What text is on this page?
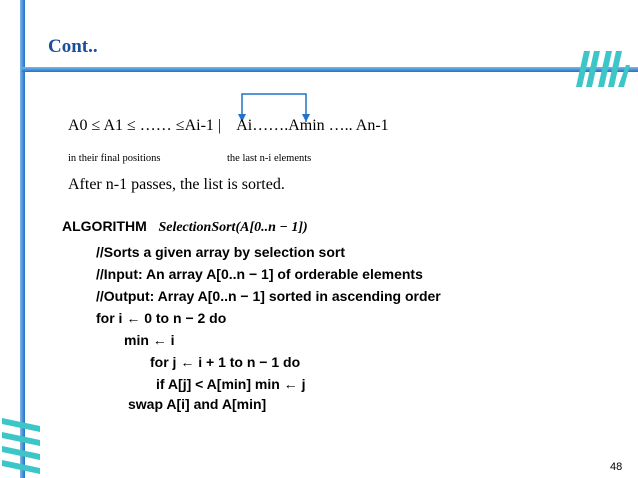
Cont..
A0 ≤ A1 ≤ …… ≤Ai-1 | Ai…….Amin ….. An-1
in their final positions	the last n-i elements
After n-1 passes, the list is sorted.
ALGORITHM SelectionSort(A[0..n − 1])
//Sorts a given array by selection sort
//Input: An array A[0..n − 1] of orderable elements
//Output: Array A[0..n − 1] sorted in ascending order
for i ← 0 to n − 2 do
min ← i
for j ← i + 1 to n − 1 do
if A[j] < A[min] min ← j
swap A[i] and A[min]
48
